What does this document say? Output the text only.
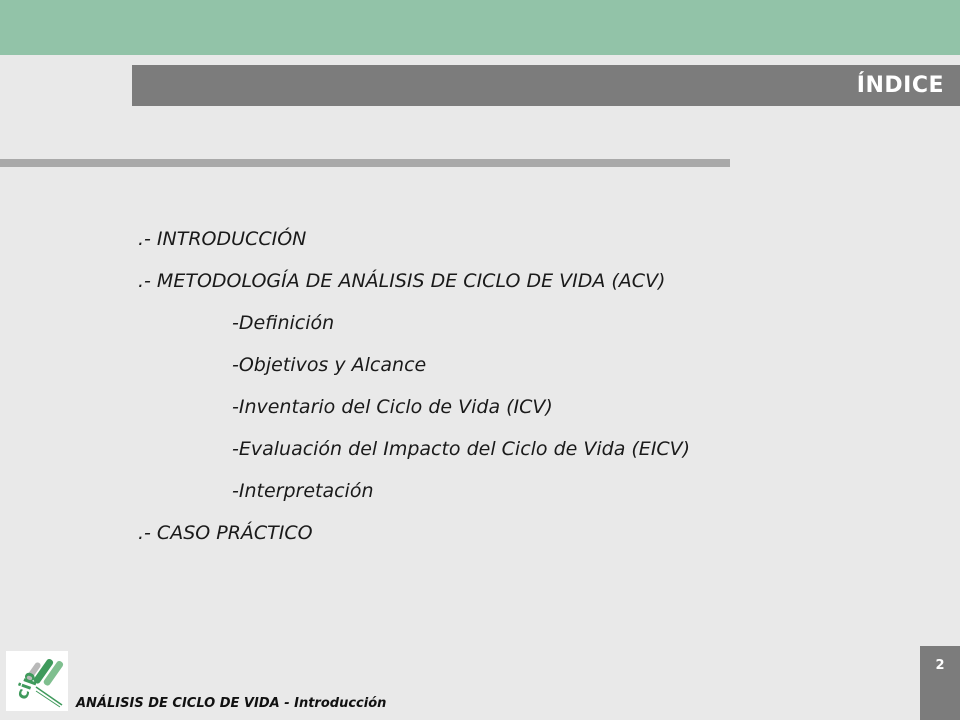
ÍNDICE
.- INTRODUCCIÓN
.- METODOLOGÍA DE ANÁLISIS DE CICLO DE VIDA (ACV)
-Definición
-Objetivos y Alcance
-Inventario del Ciclo de Vida (ICV)
-Evaluación del Impacto del Ciclo de Vida (EICV)
-Interpretación
.- CASO PRÁCTICO
cip
ANÁLISIS DE CICLO DE VIDA - Introducción
2
